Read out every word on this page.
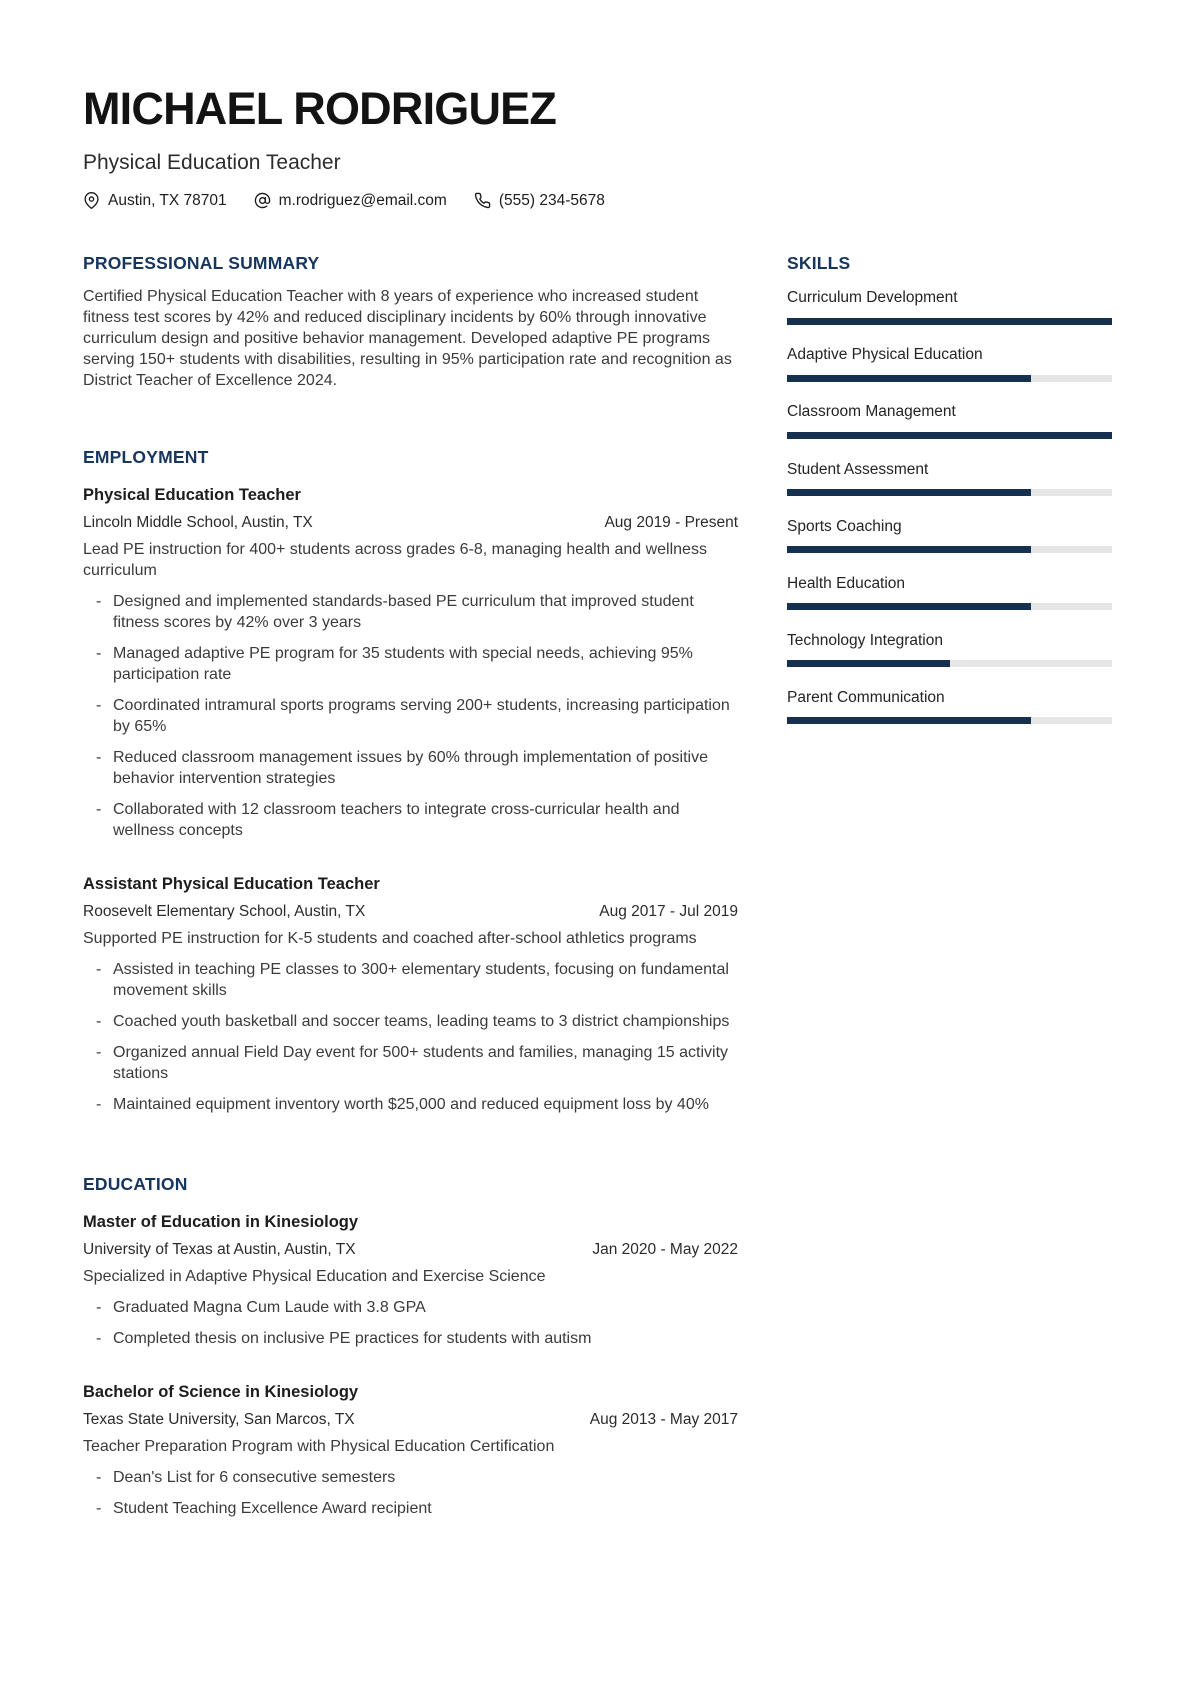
MICHAEL RODRIGUEZ
Physical Education Teacher
Austin, TX 78701	m.rodriguez@email.com	(555) 234-5678
PROFESSIONAL SUMMARY

Certified Physical Education Teacher with 8 years of experience who increased student fitness test scores by 42% and reduced disciplinary incidents by 60% through innovative curriculum design and positive behavior management. Developed adaptive PE programs serving 150+ students with disabilities, resulting in 95% participation rate and recognition as District Teacher of Excellence 2024.

EMPLOYMENT
Physical Education Teacher
Lincoln Middle School, Austin, TX	Aug 2019 - Present
Lead PE instruction for 400+ students across grades 6-8, managing health and wellness curriculum
- Designed and implemented standards-based PE curriculum that improved student fitness scores by 42% over 3 years
- Managed adaptive PE program for 35 students with special needs, achieving 95% participation rate
- Coordinated intramural sports programs serving 200+ students, increasing participation by 65%
- Reduced classroom management issues by 60% through implementation of positive behavior intervention strategies
- Collaborated with 12 classroom teachers to integrate cross-curricular health and wellness concepts
Assistant Physical Education Teacher
Roosevelt Elementary School, Austin, TX	Aug 2017 - Jul 2019
Supported PE instruction for K-5 students and coached after-school athletics programs
- Assisted in teaching PE classes to 300+ elementary students, focusing on fundamental movement skills
- Coached youth basketball and soccer teams, leading teams to 3 district championships
- Organized annual Field Day event for 500+ students and families, managing 15 activity stations
- Maintained equipment inventory worth $25,000 and reduced equipment loss by 40%
EDUCATION
Master of Education in Kinesiology
University of Texas at Austin, Austin, TX	Jan 2020 - May 2022
Specialized in Adaptive Physical Education and Exercise Science
- Graduated Magna Cum Laude with 3.8 GPA
- Completed thesis on inclusive PE practices for students with autism
Bachelor of Science in Kinesiology
Texas State University, San Marcos, TX	Aug 2013 - May 2017
Teacher Preparation Program with Physical Education Certification
- Dean's List for 6 consecutive semesters
- Student Teaching Excellence Award recipient
SKILLS
Curriculum Development
Adaptive Physical Education
Classroom Management
Student Assessment
Sports Coaching
Health Education
Technology Integration
Parent Communication
